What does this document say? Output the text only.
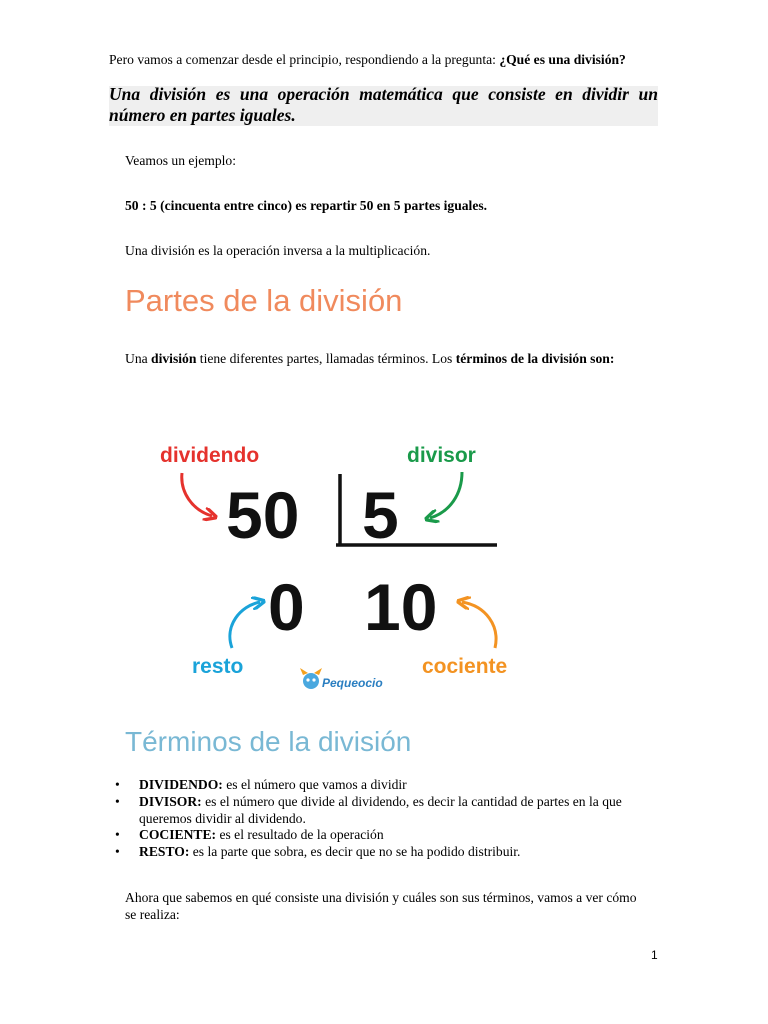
Pero vamos a comenzar desde el principio, respondiendo a la pregunta: ¿Qué es una división?
Una división es una operación matemática que consiste en dividir un número en partes iguales.
Veamos un ejemplo:
50 : 5 (cincuenta entre cinco) es repartir 50 en 5 partes iguales.
Una división es la operación inversa a la multiplicación.
Partes de la división
Una división tiene diferentes partes, llamadas términos. Los términos de la división son:
dividendo	divisor
50 5
0 10
resto	cociente
Pequeocio
Términos de la división
• DIVIDENDO: es el número que vamos a dividir
• DIVISOR: es el número que divide al dividendo, es decir la cantidad de partes en la que queremos dividir al dividendo.
• COCIENTE: es el resultado de la operación
• RESTO: es la parte que sobra, es decir que no se ha podido distribuir.
Ahora que sabemos en qué consiste una división y cuáles son sus términos, vamos a ver cómo se realiza:
1
